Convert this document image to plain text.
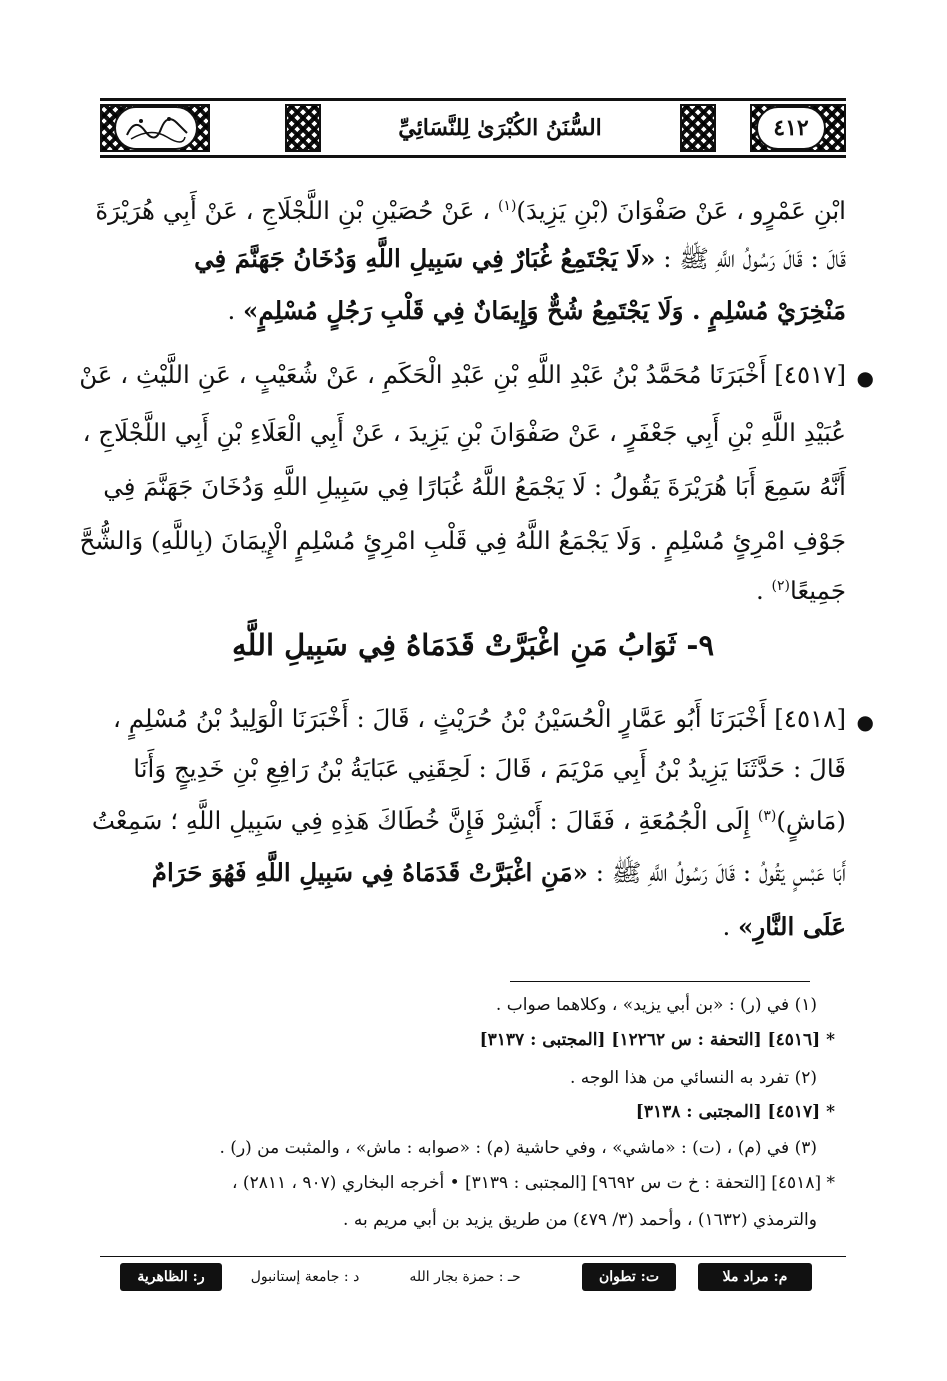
السُّنَنُ الكُبْرَىٰ لِلنَّسَائِيِّ	٤١٢
ابْنِ عَمْرٍو ، عَنْ صَفْوَانَ (بْنِ يَزِيدَ)$^{(١)}$ ، عَنْ حُصَيْنِ بْنِ اللَّجْلَاجِ ، عَنْ أَبِي هُرَيْرَةَ
قَالَ : قَالَ رَسُولُ اللَّهِ ﷺ : «لَا يَجْتَمِعُ غُبَارٌ فِي سَبِيلِ اللَّهِ وَدُخَانُ جَهَنَّمَ فِي
مَنْخِرَيْ مُسْلِمٍ . وَلَا يَجْتَمِعُ شُحٌّ وَإِيمَانٌ فِي قَلْبِ رَجُلٍ مُسْلِمٍ» .
●
[٤٥١٧] أَخْبَرَنَا مُحَمَّدُ بْنُ عَبْدِ اللَّهِ بْنِ عَبْدِ الْحَكَمِ ، عَنْ شُعَيْبٍ ، عَنِ اللَّيْثِ ، عَنْ
عُبَيْدِ اللَّهِ بْنِ أَبِي جَعْفَرٍ ، عَنْ صَفْوَانَ بْنِ يَزِيدَ ، عَنْ أَبِي الْعَلَاءِ بْنِ أَبِي اللَّجْلَاجِ ،
أَنَّهُ سَمِعَ أَبَا هُرَيْرَةَ يَقُولُ : لَا يَجْمَعُ اللَّهُ غُبَارًا فِي سَبِيلِ اللَّهِ وَدُخَانَ جَهَنَّمَ فِي
جَوْفِ امْرِئٍ مُسْلِمٍ . وَلَا يَجْمَعُ اللَّهُ فِي قَلْبِ امْرِئٍ مُسْلِمٍ الْإِيمَانَ (بِاللَّهِ) وَالشُّحَّ
جَمِيعًا$^{(٢)}$ .
٩- ثَوَابُ مَنِ اغْبَرَّتْ قَدَمَاهُ فِي سَبِيلِ اللَّهِ
●
[٤٥١٨] أَخْبَرَنَا أَبُو عَمَّارٍ الْحُسَيْنُ بْنُ حُرَيْثٍ ، قَالَ : أَخْبَرَنَا الْوَلِيدُ بْنُ مُسْلِمٍ ،
قَالَ : حَدَّثَنَا يَزِيدُ بْنُ أَبِي مَرْيَمَ ، قَالَ : لَحِقَنِي عَبَايَةُ بْنُ رَافِعِ بْنِ خَدِيجٍ وَأَنَا
(مَاشٍ)$^{(٣)}$ إِلَى الْجُمُعَةِ ، فَقَالَ : أَبْشِرْ فَإِنَّ خُطَاكَ هَذِهِ فِي سَبِيلِ اللَّهِ ؛ سَمِعْتُ
أَبَا عَبْسٍ يَقُولُ : قَالَ رَسُولُ اللَّهِ ﷺ : «مَنِ اغْبَرَّتْ قَدَمَاهُ فِي سَبِيلِ اللَّهِ فَهُوَ حَرَامٌ
عَلَى النَّارِ» .
(١) في (ر) : «بن أبي يزيد» ، وكلاهما صواب .
* [٤٥١٦] [التحفة : س ١٢٢٦٢] [المجتبى : ٣١٣٧]
(٢) تفرد به النسائي من هذا الوجه .
* [٤٥١٧] [المجتبى : ٣١٣٨]
(٣) في (م) ، (ت) : «ماشي» ، وفي حاشية (م) : «صوابه : ماش» ، والمثبت من (ر) .
* [٤٥١٨] [التحفة : خ ت س ٩٦٩٢] [المجتبى : ٣١٣٩] • أخرجه البخاري (٩٠٧ ، ٢٨١١) ،
والترمذي (١٦٣٢) ، وأحمد (٣/ ٤٧٩) من طريق يزيد بن أبي مريم به .
م: مراد ملا
ت: تطوان
حـ : حمزة بجار الله
د : جامعة إستانبول
ر: الظاهرية
